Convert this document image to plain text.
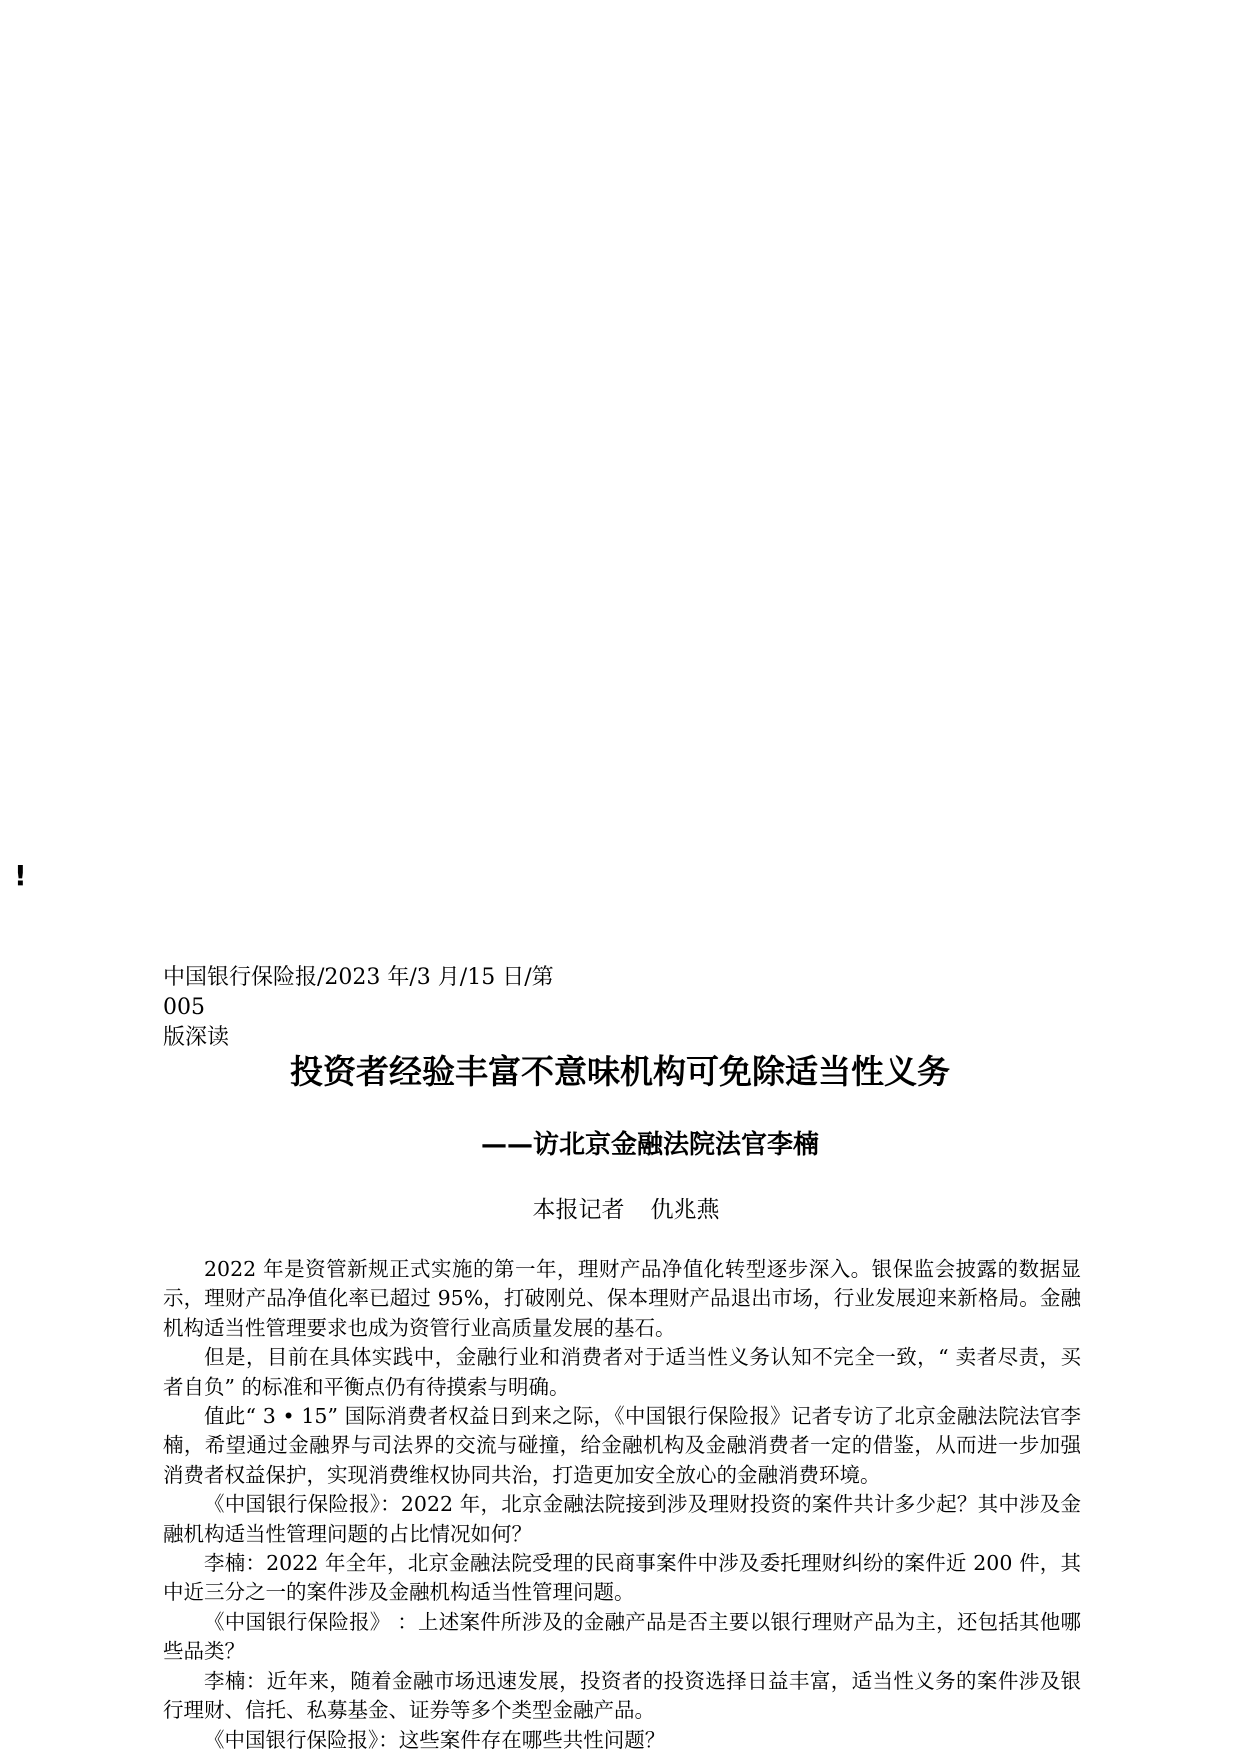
!
中国银行保险报/2023 年/3 月/15 日/第 005
版深读
投资者经验丰富不意味机构可免除适当性义务
——访北京金融法院法官李楠
本报记者 仇兆燕

2022 年是资管新规正式实施的第一年，理财产品净值化转型逐步深入。银保监会披露的数据显示，理财产品净值化率已超过 95%，打破刚兑、保本理财产品退出市场，行业发展迎来新格局。金融机构适当性管理要求也成为资管行业高质量发展的基石。

但是，目前在具体实践中，金融行业和消费者对于适当性义务认知不完全一致，“ 卖者尽责，买者自负” 的标准和平衡点仍有待摸索与明确。

值此“ 3 • 15” 国际消费者权益日到来之际，《中国银行保险报》记者专访了北京金融法院法官李楠，希望通过金融界与司法界的交流与碰撞，给金融机构及金融消费者一定的借鉴，从而进一步加强消费者权益保护，实现消费维权协同共治，打造更加安全放心的金融消费环境。

《中国银行保险报》：2022 年，北京金融法院接到涉及理财投资的案件共计多少起？其中涉及金融机构适当性管理问题的占比情况如何？

李楠：2022 年全年，北京金融法院受理的民商事案件中涉及委托理财纠纷的案件近 200 件，其中近三分之一的案件涉及金融机构适当性管理问题。

《中国银行保险报》 ：上述案件所涉及的金融产品是否主要以银行理财产品为主，还包括其他哪些品类？

李楠：近年来，随着金融市场迅速发展，投资者的投资选择日益丰富，适当性义务的案件涉及银行理财、信托、私募基金、证券等多个类型金融产品。

《中国银行保险报》：这些案件存在哪些共性问题？
